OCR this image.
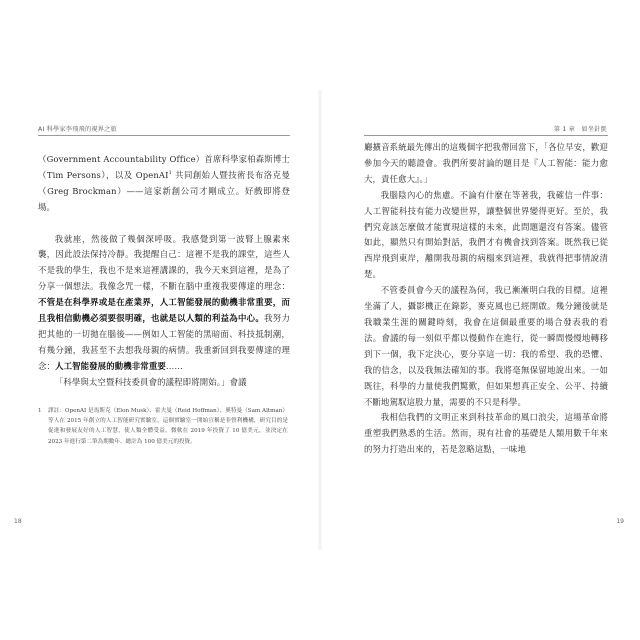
AI 科學家李飛飛的視界之旅

（Government Accountability Office）首席科學家柏森斯博士（Tim Persons），以及 OpenAI$^1$ 共同創始人暨技術長布洛克曼（Greg Brockman）——這家新創公司才剛成立。好戲即將登場。

我就座，然後做了幾個深呼吸。我感覺到第一波腎上腺素來襲，因此設法保持冷靜。我提醒自己：這裡不是我的課堂，這些人不是我的學生，我也不是來這裡講課的，我今天來到這裡，是為了分享一個想法。我像念咒一樣，不斷在腦中重複我要傳達的理念：不管是在科學界或是在產業界，人工智能發展的動機非常重要，而且我相信動機必須要很明確，也就是以人類的利益為中心。我努力把其他的一切拋在腦後——例如人工智能的黑暗面、科技抵制潮，有幾分鐘，我甚至不去想我母親的病情。我重新回到我要傳達的理念：人工智能發展的動機非常重要……

「科學與太空暨科技委員會的議程即將開始。」會議

1 譯註：OpenAI 是馬斯克（Elon Musk）、霍夫曼（Reid Hoffman）、奧特曼（Sam Altman）等人在 2015 年創立的人工智能研究實驗室。這個實驗室一開始宣稱是非營利機構，研究目的是促進和發展友好的人工智慧，使人類全體受益。微軟在 2019 年投資了 10 億美元，並決定在 2023 年進行第二筆為期數年、總計為 100 億美元的投資。
18
第 1 章　如坐針氈

廳擴音系統最先傳出的這幾個字把我帶回當下，「各位早安，歡迎參加今天的聽證會。我們所要討論的題目是『人工智能：能力愈大，責任愈大』。」

我腦陰內心的焦慮。不論有什麼在等著我，我確信一件事：人工智能科技有能力改變世界，讓整個世界變得更好。至於，我們究竟該怎麼做才能實現這樣的未來，此問題還沒有答案。儘管如此，顯然只有開始對話，我們才有機會找到答案。既然我已從西岸飛到東岸，離開我母親的病榻來到這裡，我就得把事情說清楚。

不管委員會今天的議程為何，我已漸漸明白我的目標。這裡坐滿了人，攝影機正在錄影，麥克風也已經開啟。幾分鐘後就是我職業生涯的關鍵時刻，我會在這個最重要的場合發表我的看法。會議的每一刻似乎都以慢動作在進行，從一瞬間慢慢地轉移到下一個，我下定決心，要分享這一切：我的希望、我的恐懼、我的信念，以及我無法確知的事。我將毫無保留地說出來。一如既往，科學的力量使我們驚歎，但如果想真正安全、公平、持續不斷地駕馭這股力量，需要的不只是科學。

我相信我們的文明正來到科技革命的風口浪尖，這場革命將重塑我們熟悉的生活。然而，現有社會的基礎是人類用數千年來的努力打造出來的，若是忽略這點，一味地

19
